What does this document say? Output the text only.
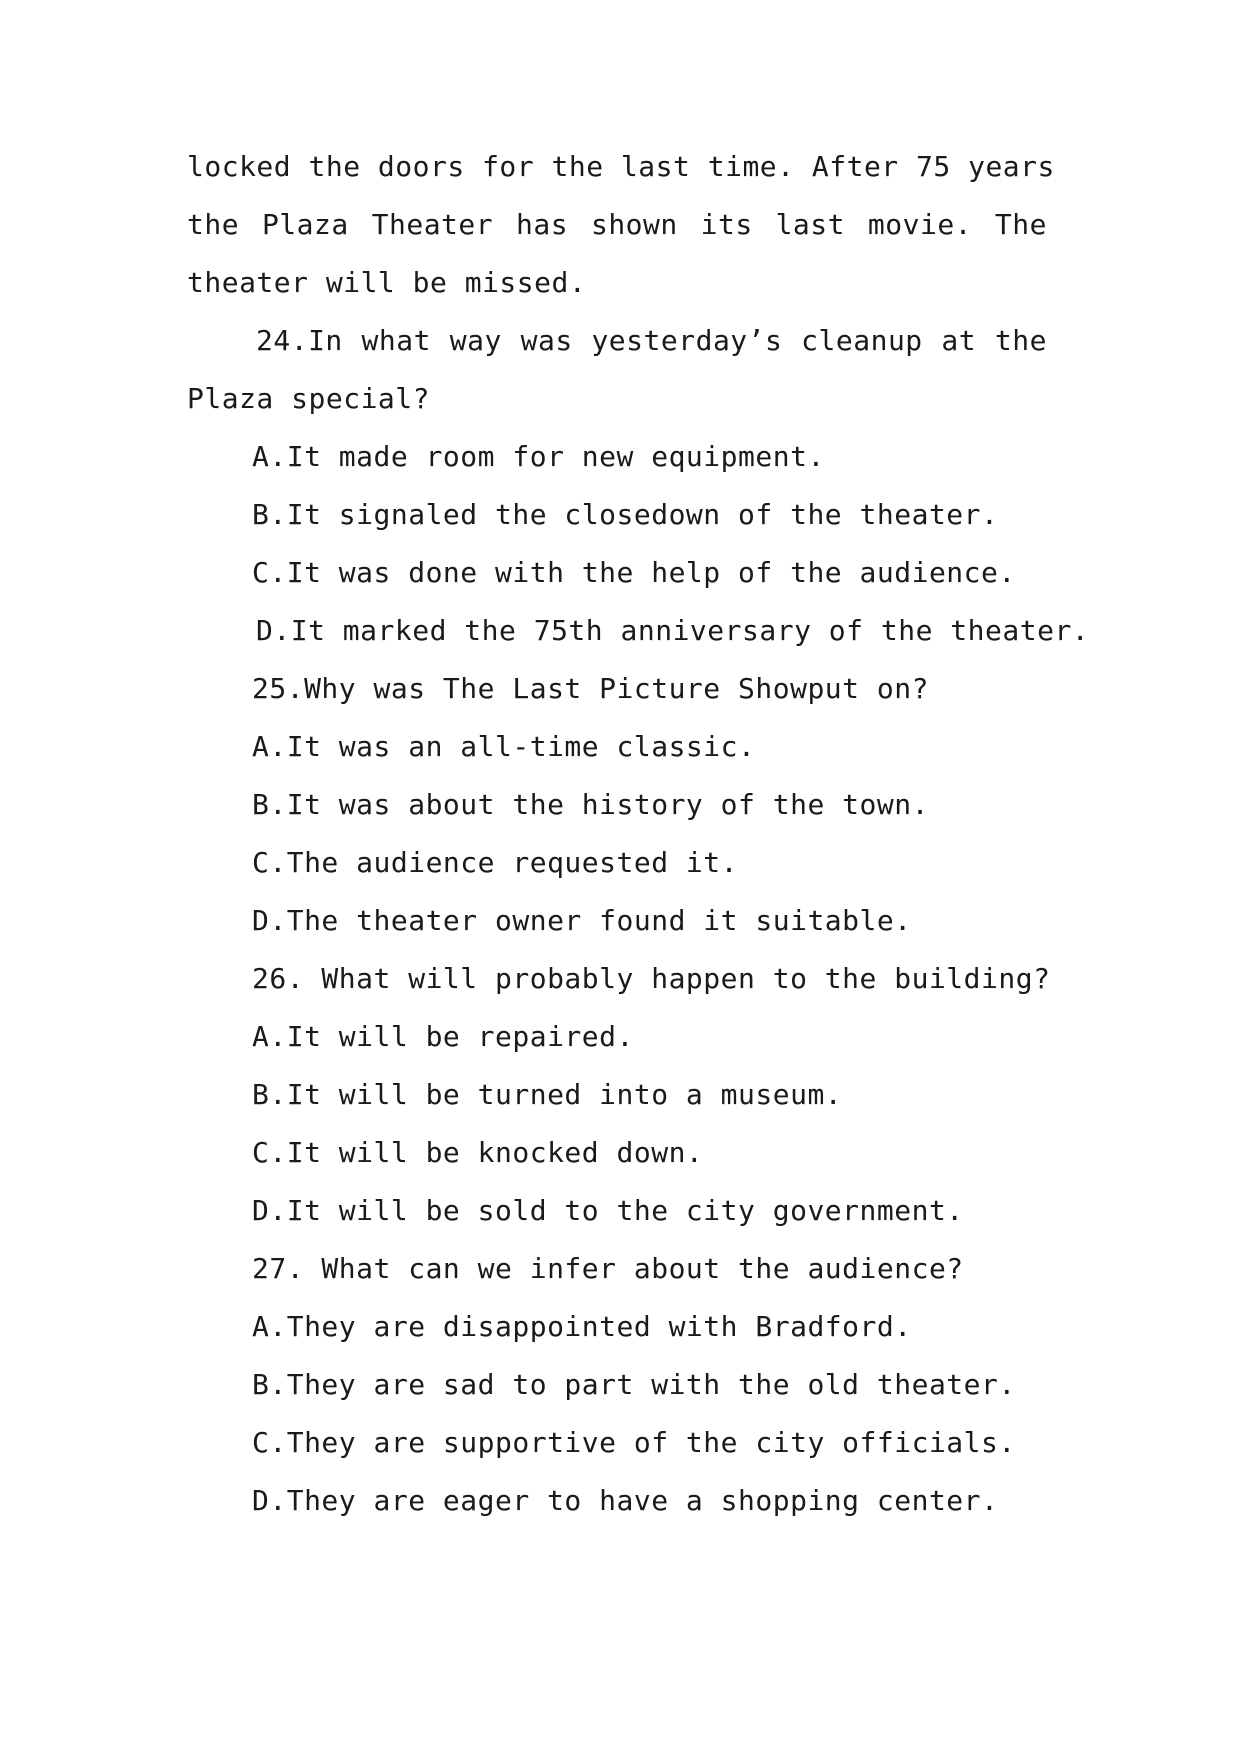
locked the doors for the last time. After 75 years
the Plaza Theater has shown its last movie. The
theater will be missed.
24.In what way was yesterday’s cleanup at the
Plaza special?
A.It made room for new equipment.
B.It signaled the closedown of the theater.
C.It was done with the help of the audience.
D.It marked the 75th anniversary of the theater.
25.Why was The Last Picture Showput on?
A.It was an all-time classic.
B.It was about the history of the town.
C.The audience requested it.
D.The theater owner found it suitable.
26. What will probably happen to the building?
A.It will be repaired.
B.It will be turned into a museum.
C.It will be knocked down.
D.It will be sold to the city government.
27. What can we infer about the audience?
A.They are disappointed with Bradford.
B.They are sad to part with the old theater.
C.They are supportive of the city officials.
D.They are eager to have a shopping center.
